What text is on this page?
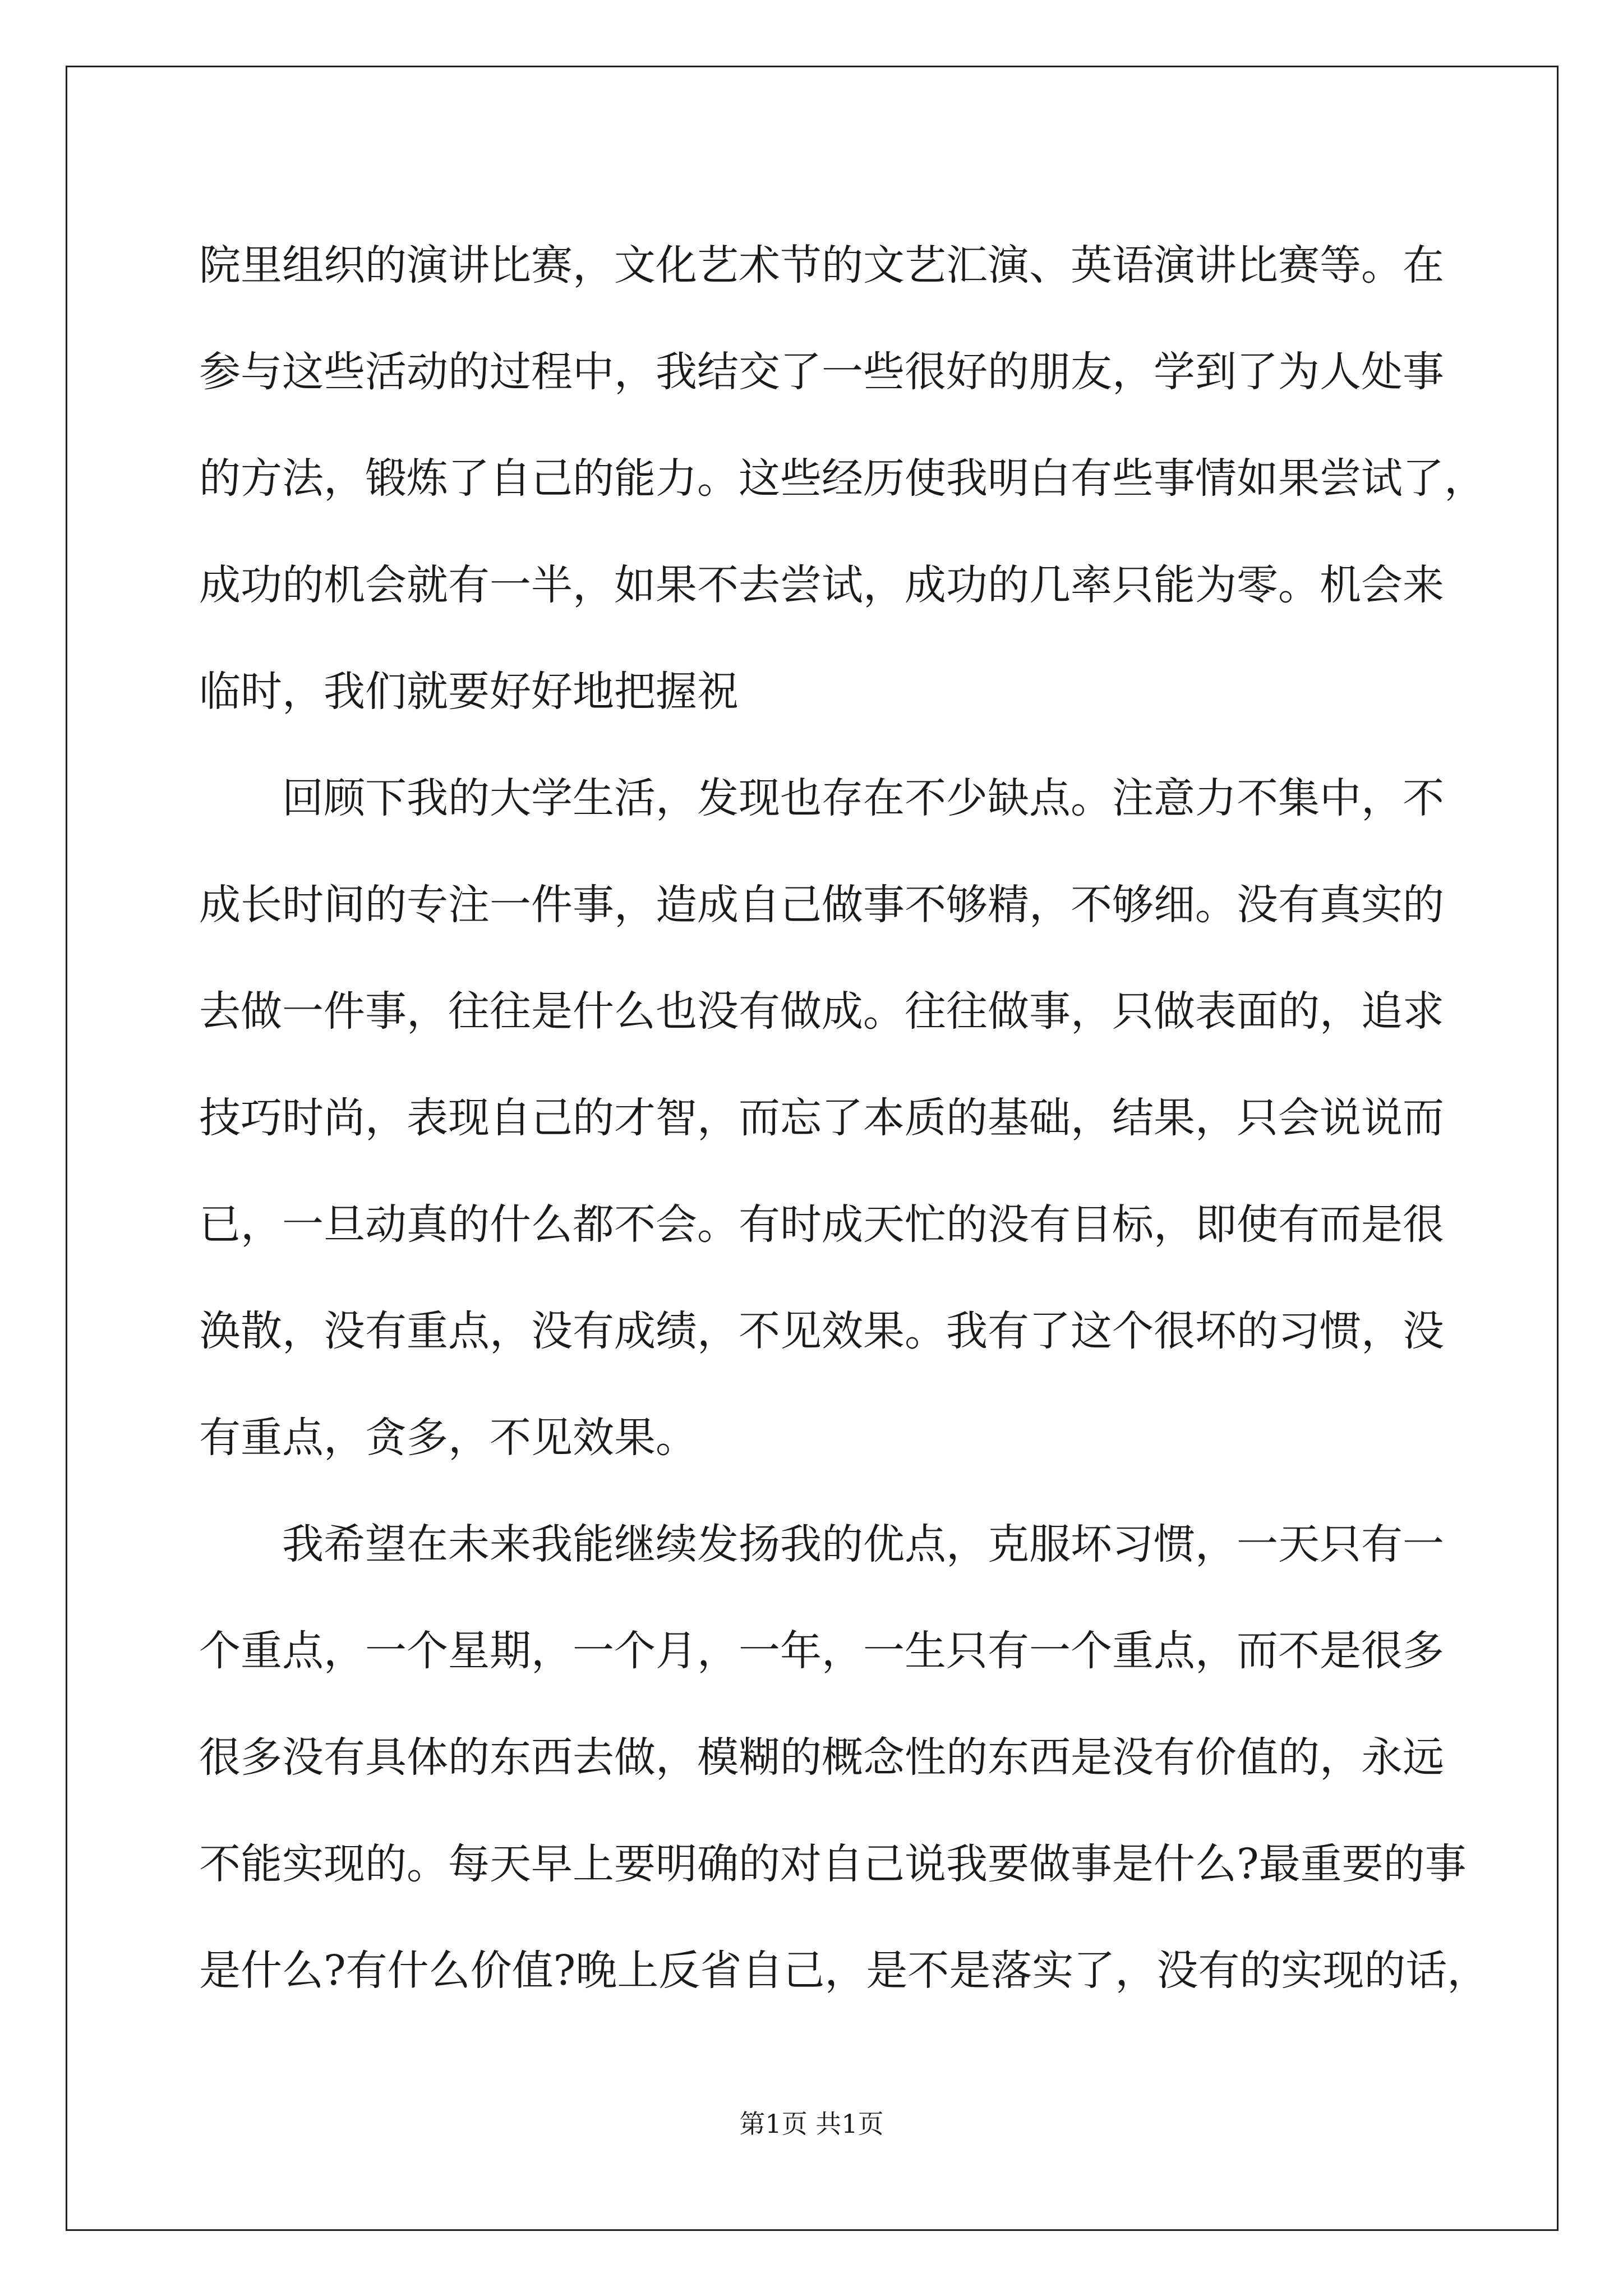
院里组织的演讲比赛，文化艺术节的文艺汇演、英语演讲比赛等。在
参与这些活动的过程中，我结交了一些很好的朋友，学到了为人处事
的方法，锻炼了自己的能力。这些经历使我明白有些事情如果尝试了，
成功的机会就有一半，如果不去尝试，成功的几率只能为零。机会来
临时，我们就要好好地把握祝
回顾下我的大学生活，发现也存在不少缺点。注意力不集中，不
成长时间的专注一件事，造成自己做事不够精，不够细。没有真实的
去做一件事，往往是什么也没有做成。往往做事，只做表面的，追求
技巧时尚，表现自己的才智，而忘了本质的基础，结果，只会说说而
已，一旦动真的什么都不会。有时成天忙的没有目标，即使有而是很
涣散，没有重点，没有成绩，不见效果。我有了这个很坏的习惯，没
有重点，贪多，不见效果。
我希望在未来我能继续发扬我的优点，克服坏习惯，一天只有一
个重点，一个星期，一个月，一年，一生只有一个重点，而不是很多
很多没有具体的东西去做，模糊的概念性的东西是没有价值的，永远
不能实现的。每天早上要明确的对自己说我要做事是什么?最重要的事
是什么?有什么价值?晚上反省自己，是不是落实了，没有的实现的话，
第1页 共1页
